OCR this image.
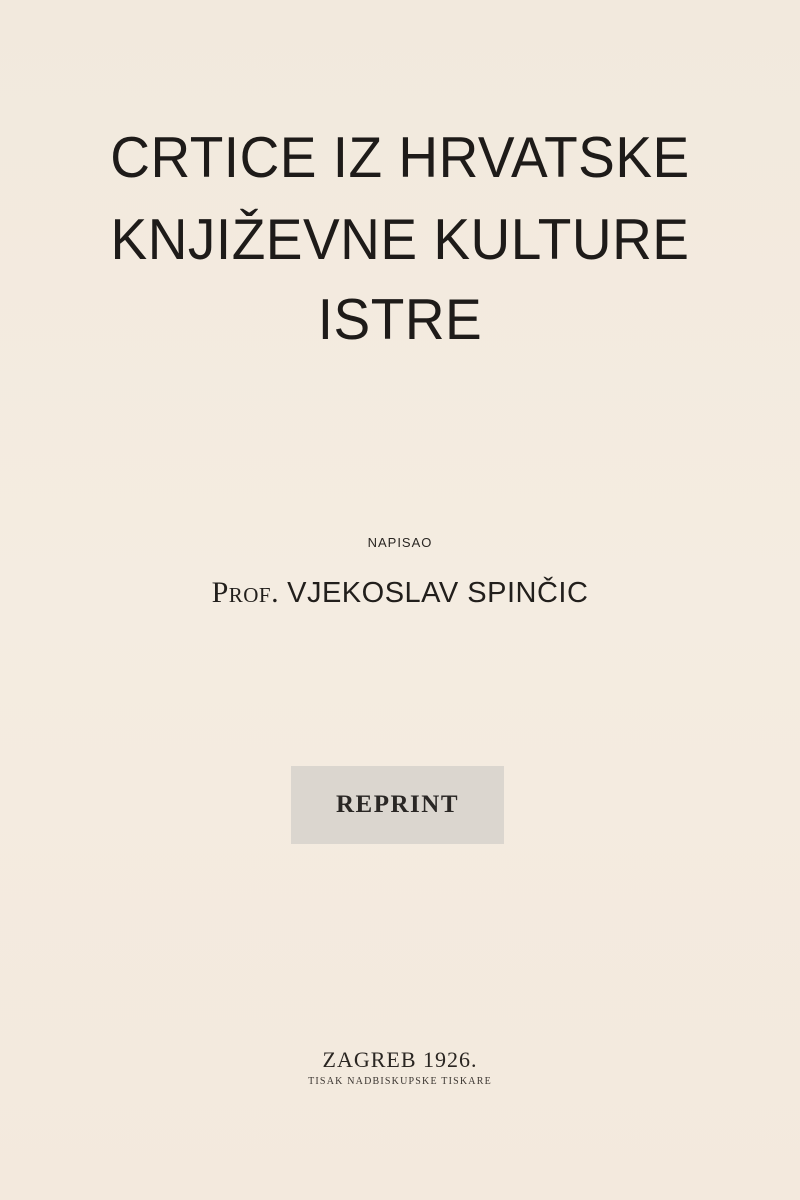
CRTICE IZ HRVATSKE
KNJIŽEVNE KULTURE
ISTRE
NAPISAO
Prof. VJEKOSLAV SPINČIC
REPRINT
ZAGREB 1926.
TISAK NADBISKUPSKE TISKARE
